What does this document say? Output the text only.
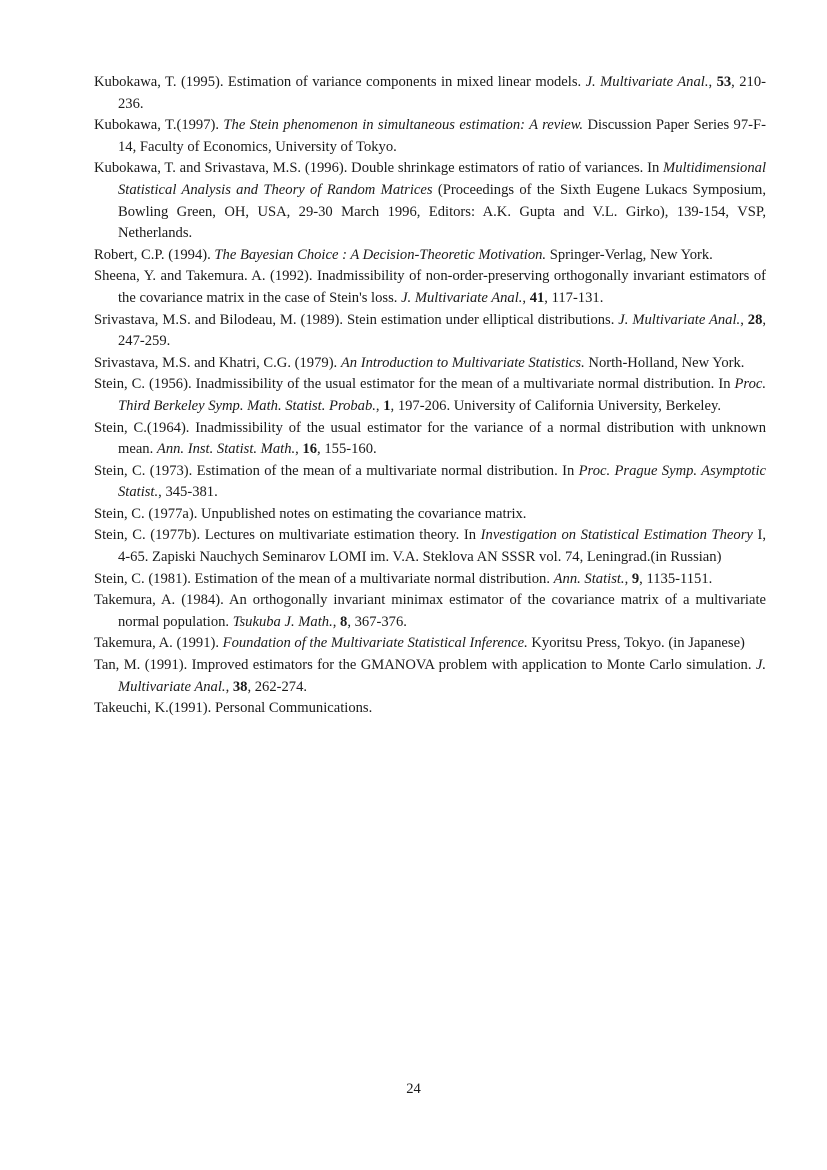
Kubokawa, T. (1995). Estimation of variance components in mixed linear models. J. Multivariate Anal., 53, 210-236.
Kubokawa, T.(1997). The Stein phenomenon in simultaneous estimation: A review. Discussion Paper Series 97-F-14, Faculty of Economics, University of Tokyo.
Kubokawa, T. and Srivastava, M.S. (1996). Double shrinkage estimators of ratio of variances. In Multidimensional Statistical Analysis and Theory of Random Matrices (Proceedings of the Sixth Eugene Lukacs Symposium, Bowling Green, OH, USA, 29-30 March 1996, Editors: A.K. Gupta and V.L. Girko), 139-154, VSP, Netherlands.
Robert, C.P. (1994). The Bayesian Choice : A Decision-Theoretic Motivation. Springer-Verlag, New York.
Sheena, Y. and Takemura. A. (1992). Inadmissibility of non-order-preserving orthogonally invariant estimators of the covariance matrix in the case of Stein's loss. J. Multivariate Anal., 41, 117-131.
Srivastava, M.S. and Bilodeau, M. (1989). Stein estimation under elliptical distributions. J. Multivariate Anal., 28, 247-259.
Srivastava, M.S. and Khatri, C.G. (1979). An Introduction to Multivariate Statistics. North-Holland, New York.
Stein, C. (1956). Inadmissibility of the usual estimator for the mean of a multivariate normal distribution. In Proc. Third Berkeley Symp. Math. Statist. Probab., 1, 197-206. University of California University, Berkeley.
Stein, C.(1964). Inadmissibility of the usual estimator for the variance of a normal distribution with unknown mean. Ann. Inst. Statist. Math., 16, 155-160.
Stein, C. (1973). Estimation of the mean of a multivariate normal distribution. In Proc. Prague Symp. Asymptotic Statist., 345-381.
Stein, C. (1977a). Unpublished notes on estimating the covariance matrix.
Stein, C. (1977b). Lectures on multivariate estimation theory. In Investigation on Statistical Estimation Theory I, 4-65. Zapiski Nauchych Seminarov LOMI im. V.A. Steklova AN SSSR vol. 74, Leningrad.(in Russian)
Stein, C. (1981). Estimation of the mean of a multivariate normal distribution. Ann. Statist., 9, 1135-1151.
Takemura, A. (1984). An orthogonally invariant minimax estimator of the covariance matrix of a multivariate normal population. Tsukuba J. Math., 8, 367-376.
Takemura, A. (1991). Foundation of the Multivariate Statistical Inference. Kyoritsu Press, Tokyo. (in Japanese)
Tan, M. (1991). Improved estimators for the GMANOVA problem with application to Monte Carlo simulation. J. Multivariate Anal., 38, 262-274.
Takeuchi, K.(1991). Personal Communications.
24
